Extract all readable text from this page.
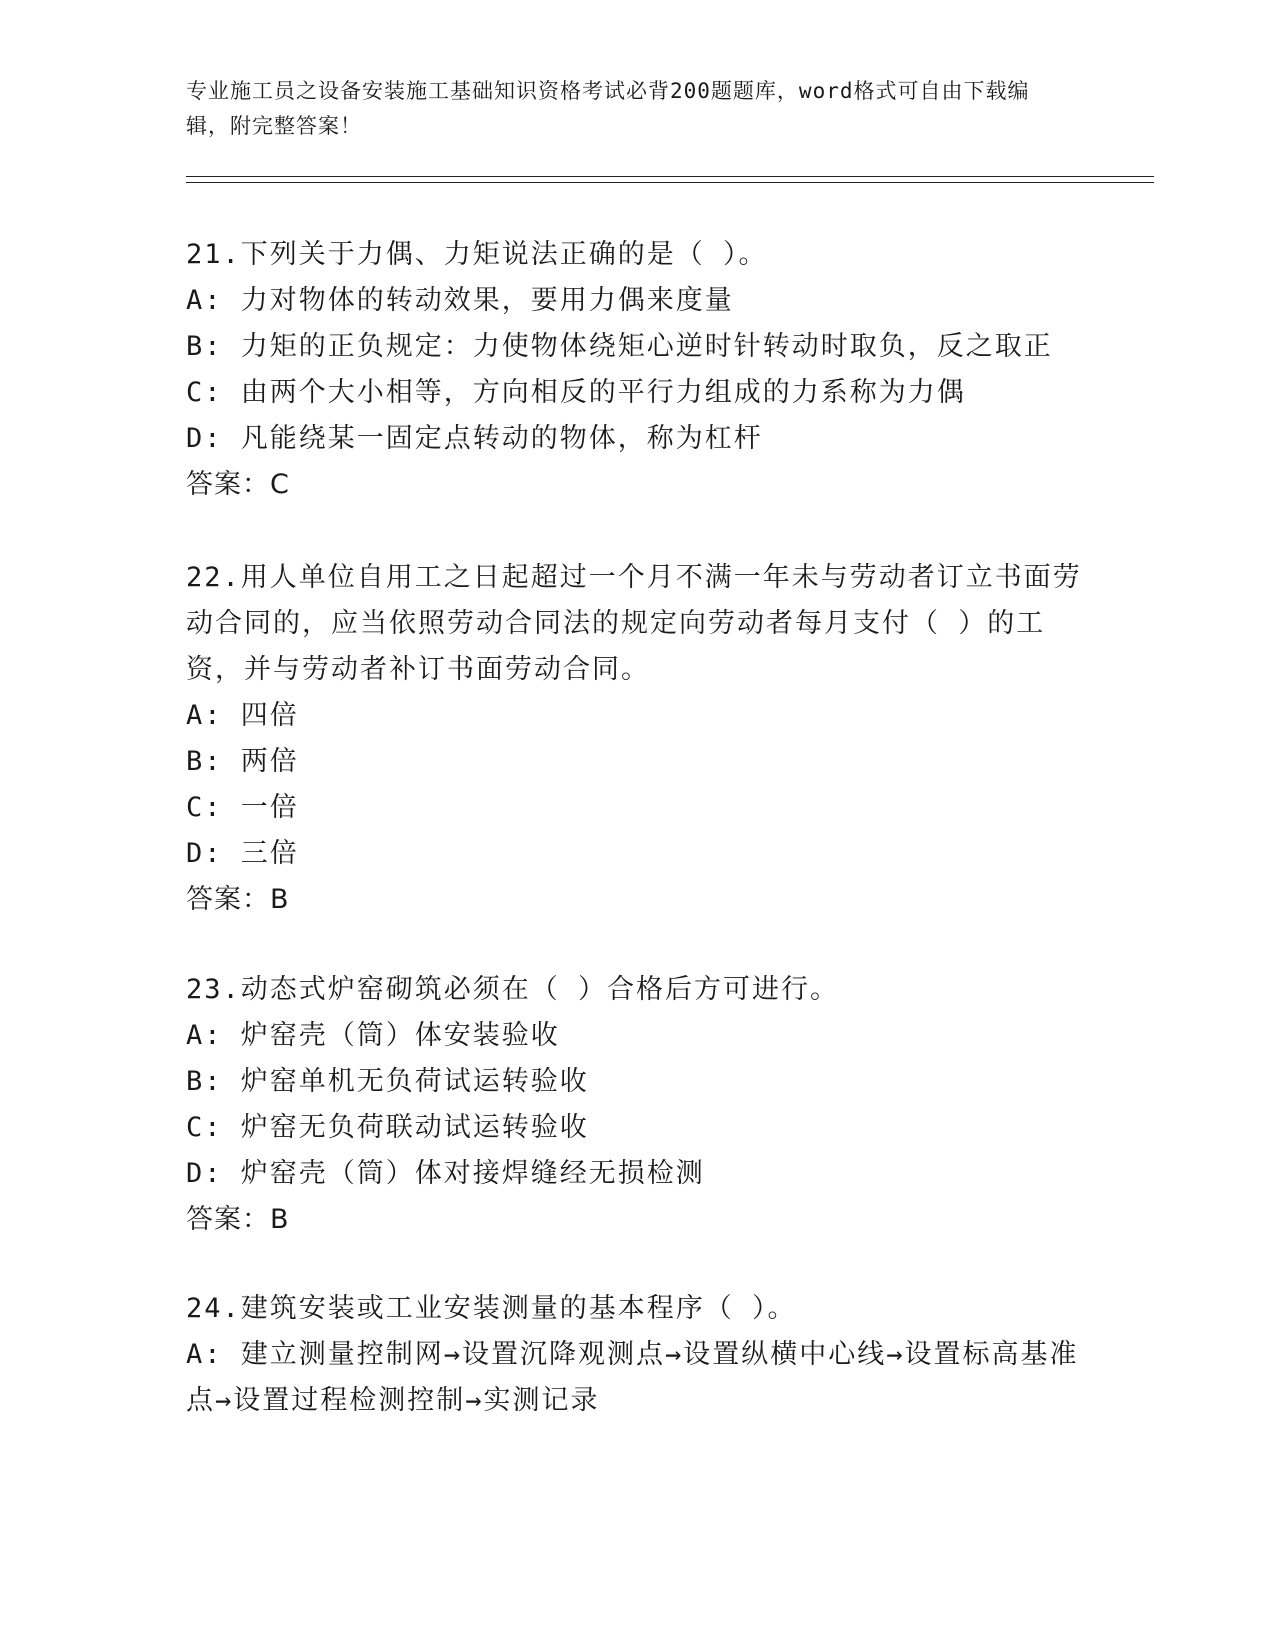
专业施工员之设备安装施工基础知识资格考试必背200题题库，word格式可自由下载编辑，附完整答案！
21.下列关于力偶、力矩说法正确的是（ ）。
A: 力对物体的转动效果，要用力偶来度量
B: 力矩的正负规定：力使物体绕矩心逆时针转动时取负，反之取正
C: 由两个大小相等，方向相反的平行力组成的力系称为力偶
D: 凡能绕某一固定点转动的物体，称为杠杆
答案：C
22.用人单位自用工之日起超过一个月不满一年未与劳动者订立书面劳动合同的，应当依照劳动合同法的规定向劳动者每月支付（ ）的工资，并与劳动者补订书面劳动合同。
A: 四倍
B: 两倍
C: 一倍
D: 三倍
答案：B
23.动态式炉窑砌筑必须在（ ）合格后方可进行。
A: 炉窑壳（筒）体安装验收
B: 炉窑单机无负荷试运转验收
C: 炉窑无负荷联动试运转验收
D: 炉窑壳（筒）体对接焊缝经无损检测
答案：B
24.建筑安装或工业安装测量的基本程序（ ）。
A: 建立测量控制网→设置沉降观测点→设置纵横中心线→设置标高基准点→设置过程检测控制→实测记录
